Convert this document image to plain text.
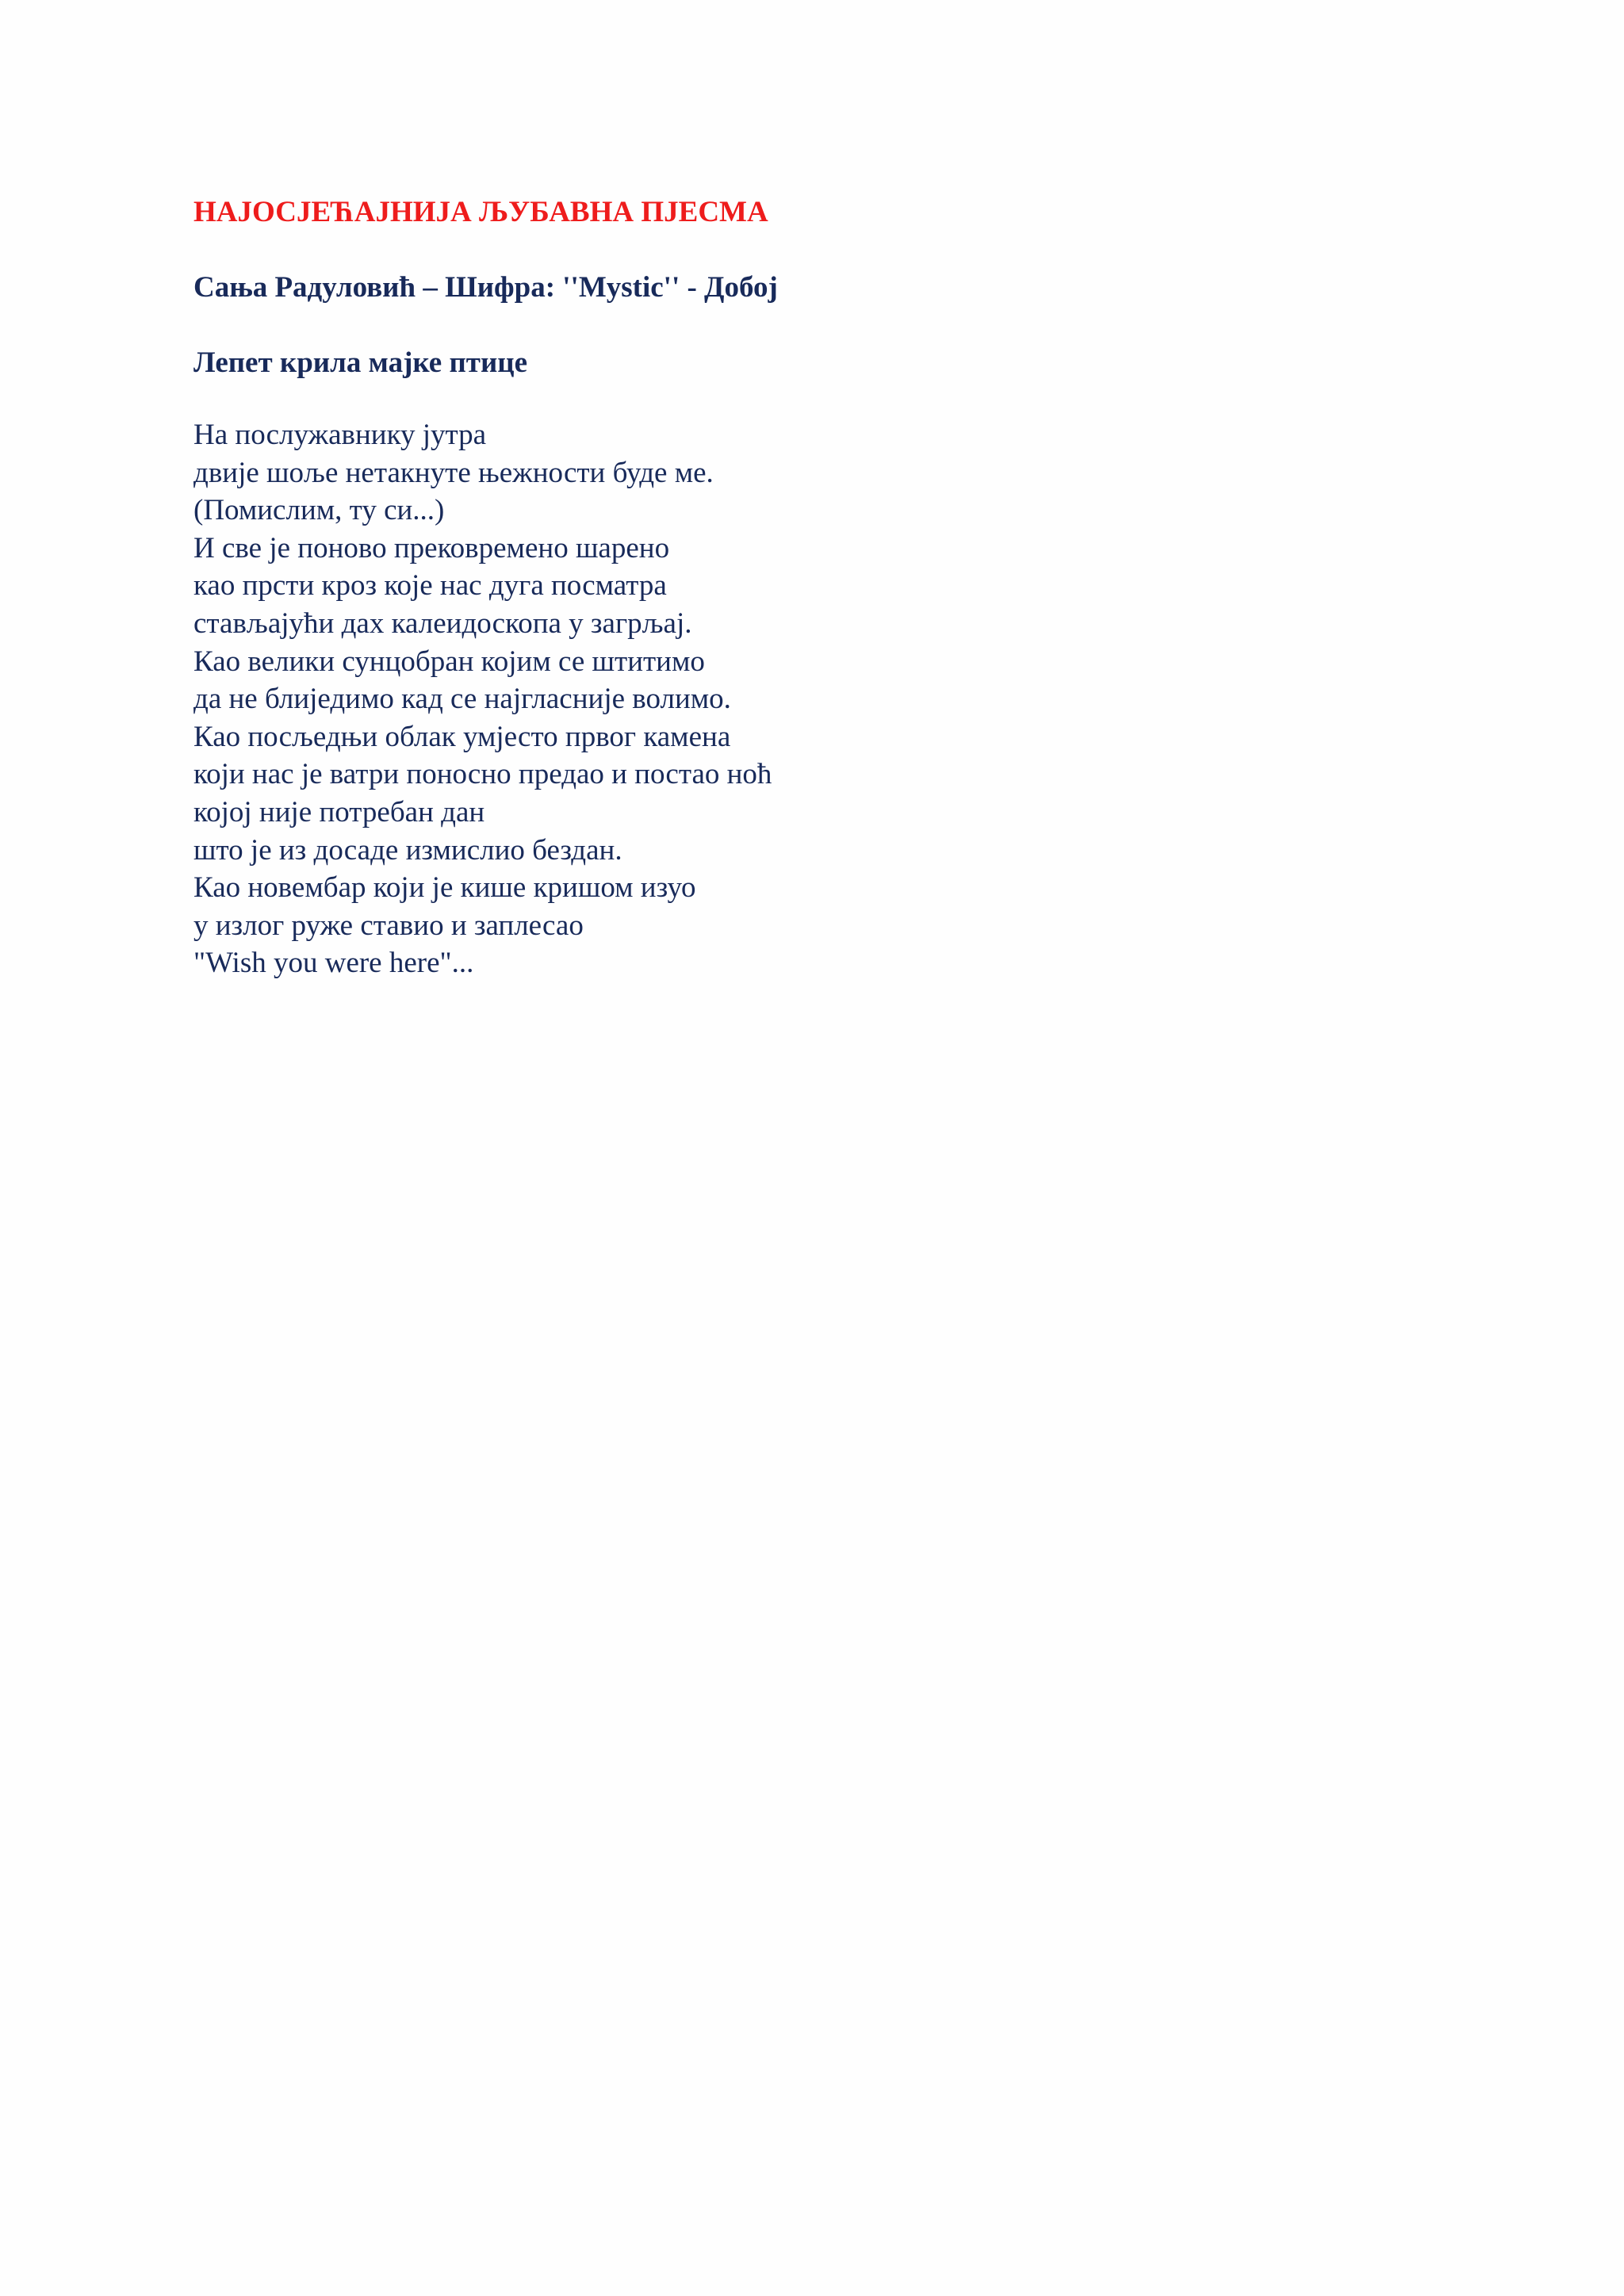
НАЈОСЈЕЋАЈНИЈА ЉУБАВНА ПЈЕСМА
Сања Радуловић – Шифра: ''Mystic'' - Добој
Лепет крила мајке птице
На послужавнику јутра
двије шоље нетакнуте њежности буде ме.
(Помислим, ту си...)
И све је поново прековремено шарено
као прсти кроз које нас дуга посматра
стављајући дах калеидоскопа у загрљај.
Као велики сунцобран којим се штитимо
да не блиједимо кад се најгласније волимо.
Као посљедњи облак умјесто првог камена
који нас је ватри поносно предао и постао ноћ
којој није потребан дан
што је из досаде измислио бездан.
Као новембар који је кише кришом изуо
у излог руже ставио и заплесао
"Wish you were here"...
